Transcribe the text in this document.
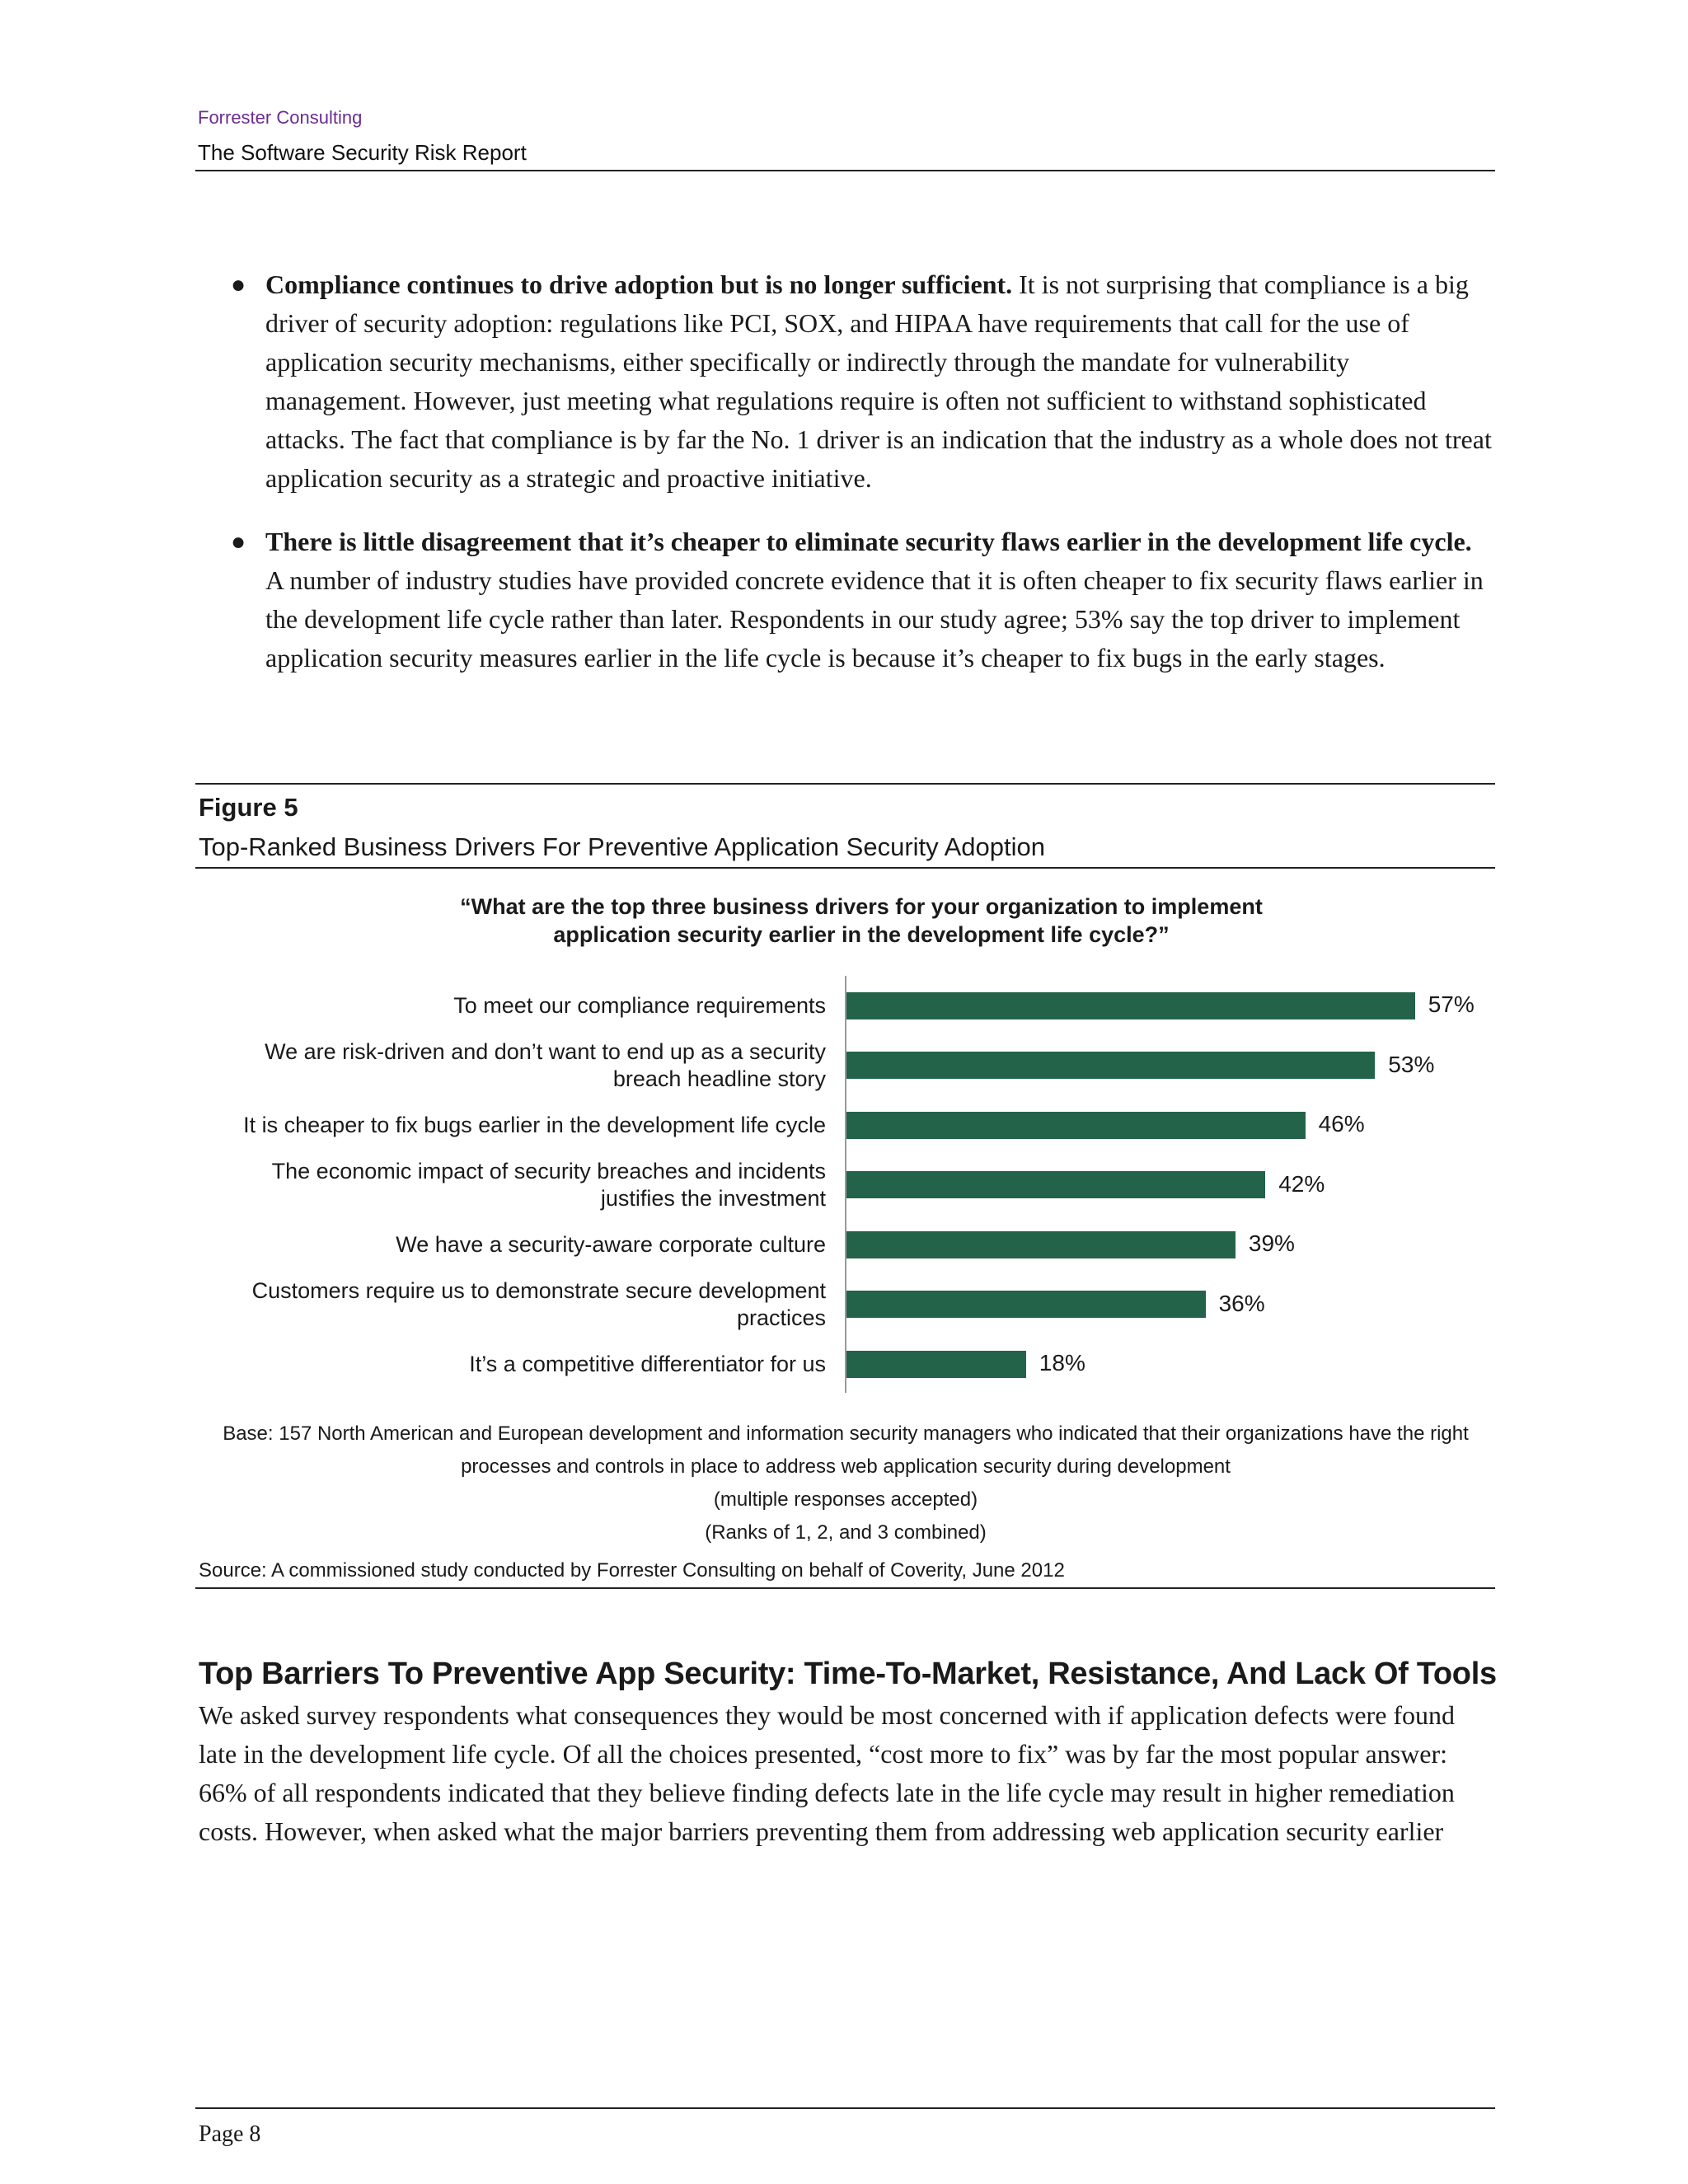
Forrester Consulting
The Software Security Risk Report
● Compliance continues to drive adoption but is no longer sufficient. It is not surprising that compliance is a big driver of security adoption: regulations like PCI, SOX, and HIPAA have requirements that call for the use of application security mechanisms, either specifically or indirectly through the mandate for vulnerability management. However, just meeting what regulations require is often not sufficient to withstand sophisticated attacks. The fact that compliance is by far the No. 1 driver is an indication that the industry as a whole does not treat application security as a strategic and proactive initiative.
● There is little disagreement that it’s cheaper to eliminate security flaws earlier in the development life cycle. A number of industry studies have provided concrete evidence that it is often cheaper to fix security flaws earlier in the development life cycle rather than later. Respondents in our study agree; 53% say the top driver to implement application security measures earlier in the life cycle is because it’s cheaper to fix bugs in the early stages.
Figure 5
Top-Ranked Business Drivers For Preventive Application Security Adoption
“What are the top three business drivers for your organization to implement
application security earlier in the development life cycle?”
To meet our compliance requirements	57%
We are risk-driven and don’t want to end up as a security
breach headline story
53%
It is cheaper to fix bugs earlier in the development life cycle	46%
The economic impact of security breaches and incidents
justifies the investment
42%
We have a security-aware corporate culture	39%
Customers require us to demonstrate secure development
practices
36%
It’s a competitive differentiator for us	18%
Base: 157 North American and European development and information security managers who indicated that their organizations have the right
processes and controls in place to address web application security during development
(multiple responses accepted)
(Ranks of 1, 2, and 3 combined)
Source: A commissioned study conducted by Forrester Consulting on behalf of Coverity, June 2012
Top Barriers To Preventive App Security: Time-To-Market, Resistance, And Lack Of Tools
We asked survey respondents what consequences they would be most concerned with if application defects were found late in the development life cycle. Of all the choices presented, “cost more to fix” was by far the most popular answer: 66% of all respondents indicated that they believe finding defects late in the life cycle may result in higher remediation costs. However, when asked what the major barriers preventing them from addressing web application security earlier
Page 8
